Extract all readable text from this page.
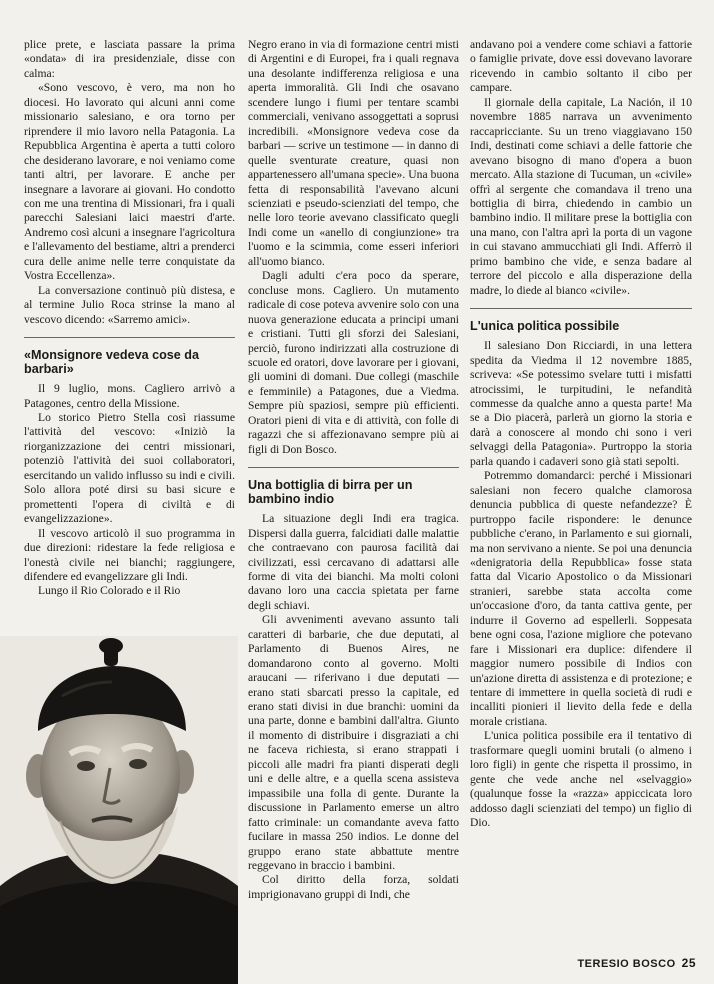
plice prete, e lasciata passare la prima «ondata» di ira presidenziale, disse con calma:

«Sono vescovo, è vero, ma non ho diocesi. Ho lavorato qui alcuni anni come missionario salesiano, e ora torno per riprendere il mio lavoro nella Patagonia. La Repubblica Argentina è aperta a tutti coloro che desiderano lavorare, e noi veniamo come tanti altri, per lavorare. E anche per insegnare a lavorare ai giovani. Ho condotto con me una trentina di Missionari, fra i quali parecchi Salesiani laici maestri d'arte. Andremo così alcuni a insegnare l'agricoltura e l'allevamento del bestiame, altri a prenderci cura delle anime nelle terre conquistate da Vostra Eccellenza».

La conversazione continuò più distesa, e al termine Julio Roca strinse la mano al vescovo dicendo: «Sarremo amici».

«Monsignore vedeva cose da barbari»

Il 9 luglio, mons. Cagliero arrivò a Patagones, centro della Missione.

Lo storico Pietro Stella così riassume l'attività del vescovo: «Iniziò la riorganizzazione dei centri missionari, potenziò l'attività dei suoi collaboratori, esercitando un valido influsso su indi e civili. Solo allora poté dirsi su basi sicure e promettenti l'opera di civiltà e di evangelizzazione».

Il vescovo articolò il suo programma in due direzioni: ridestare la fede religiosa e l'onestà civile nei bianchi; raggiungere, difendere ed evangelizzare gli Indi.

Lungo il Rio Colorado e il Rio

Negro erano in via di formazione centri misti di Argentini e di Europei, fra i quali regnava una desolante indifferenza religiosa e una aperta immoralità. Gli Indi che osavano scendere lungo i fiumi per tentare scambi commerciali, venivano assoggettati a soprusi incredibili. «Monsignore vedeva cose da barbari — scrive un testimone — in danno di quelle sventurate creature, quasi non appartenessero all'umana specie». Una buona fetta di responsabilità l'avevano alcuni scienziati e pseudo-scienziati del tempo, che nelle loro teorie avevano classificato quegli Indi come un «anello di congiunzione» tra l'uomo e la scimmia, come esseri inferiori all'uomo bianco.

Dagli adulti c'era poco da sperare, concluse mons. Cagliero. Un mutamento radicale di cose poteva avvenire solo con una nuova generazione educata a principi umani e cristiani. Tutti gli sforzi dei Salesiani, perciò, furono indirizzati alla costruzione di scuole ed oratori, dove lavorare per i giovani, gli uomini di domani. Due collegi (maschile e femminile) a Patagones, due a Viedma. Sempre più spaziosi, sempre più efficienti. Oratori pieni di vita e di attività, con folle di ragazzi che si affezionavano sempre più ai figli di Don Bosco.

Una bottiglia di birra per un bambino indio

La situazione degli Indi era tragica. Dispersi dalla guerra, falcidiati dalle malattie che contraevano con paurosa facilità dai civilizzati, essi cercavano di adattarsi alle forme di vita dei bianchi. Ma molti coloni davano loro una caccia spietata per farne degli schiavi.

Gli avvenimenti avevano assunto tali caratteri di barbarie, che due deputati, al Parlamento di Buenos Aires, ne domandarono conto al governo. Molti araucani — riferivano i due deputati — erano stati sbarcati presso la capitale, ed erano stati divisi in due branchi: uomini da una parte, donne e bambini dall'altra. Giunto il momento di distribuire i disgraziati a chi ne faceva richiesta, si erano strappati i piccoli alle madri fra pianti disperati degli uni e delle altre, e a quella scena assisteva impassibile una folla di gente. Durante la discussione in Parlamento emerse un altro fatto criminale: un comandante aveva fatto fucilare in massa 250 indios. Le donne del gruppo erano state abbattute mentre reggevano in braccio i bambini.

Col diritto della forza, soldati imprigionavano gruppi di Indi, che

andavano poi a vendere come schiavi a fattorie o famiglie private, dove essi dovevano lavorare ricevendo in cambio soltanto il cibo per campare.

Il giornale della capitale, La Nación, il 10 novembre 1885 narrava un avvenimento raccapricciante. Su un treno viaggiavano 150 Indi, destinati come schiavi a delle fattorie che avevano bisogno di mano d'opera a buon mercato. Alla stazione di Tucuman, un «civile» offrì al sergente che comandava il treno una bottiglia di birra, chiedendo in cambio un bambino indio. Il militare prese la bottiglia con una mano, con l'altra aprì la porta di un vagone in cui stavano ammucchiati gli Indi. Afferrò il primo bambino che vide, e senza badare al terrore del piccolo e alla disperazione della madre, lo diede al bianco «civile».

L'unica politica possibile

Il salesiano Don Ricciardi, in una lettera spedita da Viedma il 12 novembre 1885, scriveva: «Se potessimo svelare tutti i misfatti atrocissimi, le turpitudini, le nefandità commesse da qualche anno a questa parte! Ma se a Dio piacerà, parlerà un giorno la storia e darà a conoscere al mondo chi sono i veri selvaggi della Patagonia». Purtroppo la storia parla quando i cadaveri sono già stati sepolti.

Potremmo domandarci: perché i Missionari salesiani non fecero qualche clamorosa denuncia pubblica di queste nefandezze? È purtroppo facile rispondere: le denunce pubbliche c'erano, in Parlamento e sui giornali, ma non servivano a niente. Se poi una denuncia «denigratoria della Repubblica» fosse stata fatta dal Vicario Apostolico o da Missionari stranieri, sarebbe stata accolta come un'occasione d'oro, da tanta cattiva gente, per indurre il Governo ad espellerli. Soppesata bene ogni cosa, l'azione migliore che potevano fare i Missionari era duplice: difendere il maggior numero possibile di Indios con un'azione diretta di assistenza e di protezione; e tentare di immettere in quella società di rudi e incalliti pionieri il lievito della fede e della morale cristiana.

L'unica politica possibile era il tentativo di trasformare quegli uomini brutali (o almeno i loro figli) in gente che rispetta il prossimo, in gente che vede anche nel «selvaggio» (qualunque fosse la «razza» appiccicata loro addosso dagli scienziati del tempo) un figlio di Dio.

TERESIO BOSCO 25
